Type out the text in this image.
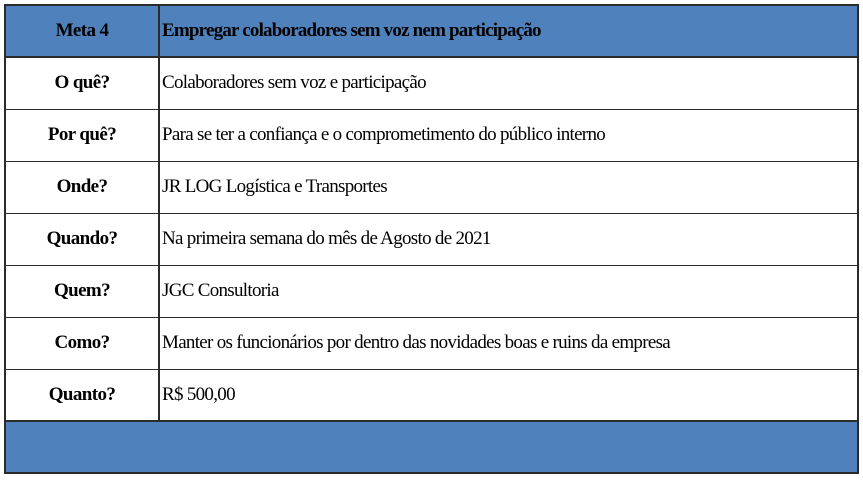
Meta 4	Empregar colaboradores sem voz nem participação
O quê?	Colaboradores sem voz e participação
Por quê?	Para se ter a confiança e o comprometimento do público interno
Onde?	JR LOG Logística e Transportes
Quando?	Na primeira semana do mês de Agosto de 2021
Quem?	JGC Consultoria
Como?	Manter os funcionários por dentro das novidades boas e ruins da empresa
Quanto?	R$ 500,00
